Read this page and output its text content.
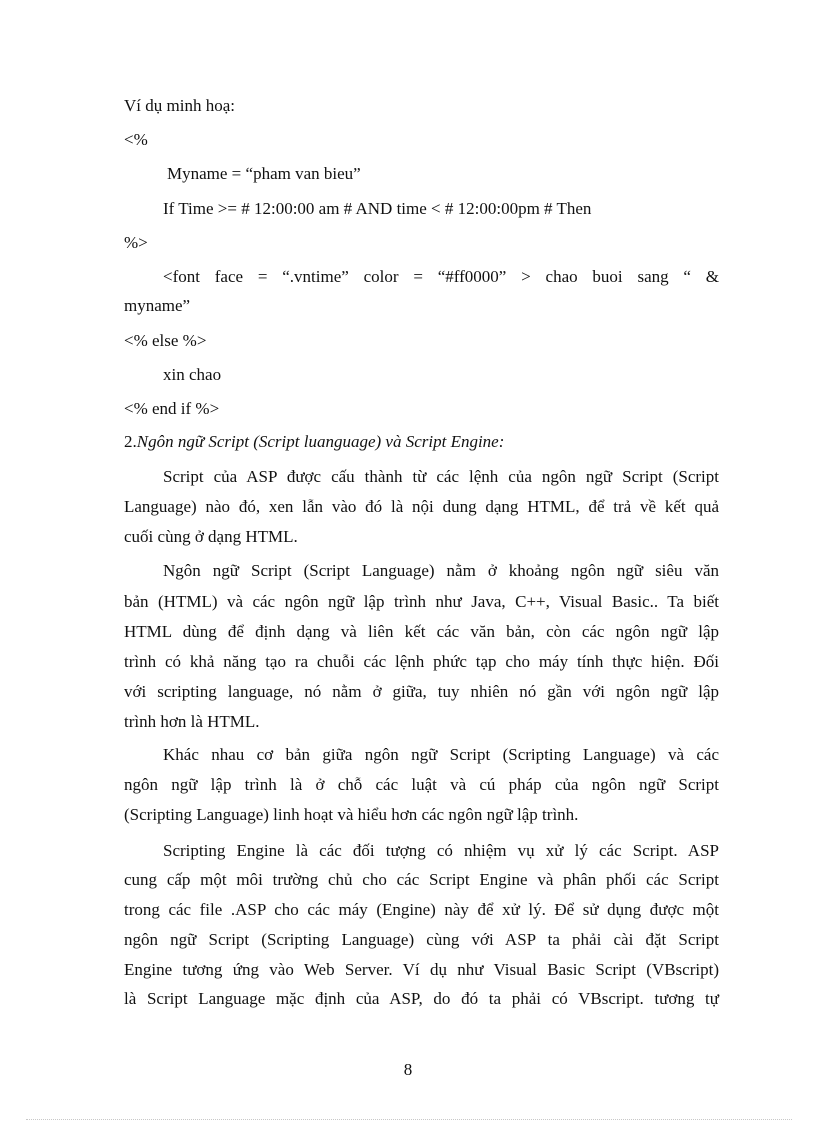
Ví dụ minh hoạ:
<%
Myname = “pham van bieu”
If Time >= # 12:00:00 am # AND time < # 12:00:00pm # Then
%>
<font face = “.vntime” color = “#ff0000” > chao buoi sang “ &
myname”
<% else %>
xin chao
<% end if %>
2.Ngôn ngữ Script (Script luanguage) và Script Engine:
Script của ASP được cấu thành từ các lệnh của ngôn ngữ Script (Script
Language) nào đó, xen lẫn vào đó là nội dung dạng HTML, để trả về kết quả
cuối cùng ở dạng HTML.
Ngôn ngữ Script (Script Language) nằm ở khoảng ngôn ngữ siêu văn
bản (HTML) và các ngôn ngữ lập trình như Java, C++, Visual Basic.. Ta biết
HTML dùng để định dạng và liên kết các văn bản, còn các ngôn ngữ lập
trình có khả năng tạo ra chuỗi các lệnh phức tạp cho máy tính thực hiện. Đối
với scripting language, nó nằm ở giữa, tuy nhiên nó gần với ngôn ngữ lập
trình hơn là HTML.
Khác nhau cơ bản giữa ngôn ngữ Script (Scripting Language) và các
ngôn ngữ lập trình là ở chỗ các luật và cú pháp của ngôn ngữ Script
(Scripting Language) linh hoạt và hiểu hơn các ngôn ngữ lập trình.
Scripting Engine là các đối tượng có nhiệm vụ xử lý các Script. ASP
cung cấp một môi trường chủ cho các Script Engine và phân phối các Script
trong các file .ASP cho các máy (Engine) này để xử lý. Để sử dụng được một
ngôn ngữ Script (Scripting Language) cùng với ASP ta phải cài đặt Script
Engine tương ứng vào Web Server. Ví dụ như Visual Basic Script (VBscript)
là Script Language mặc định của ASP, do đó ta phải có VBscript. tương tự
8
